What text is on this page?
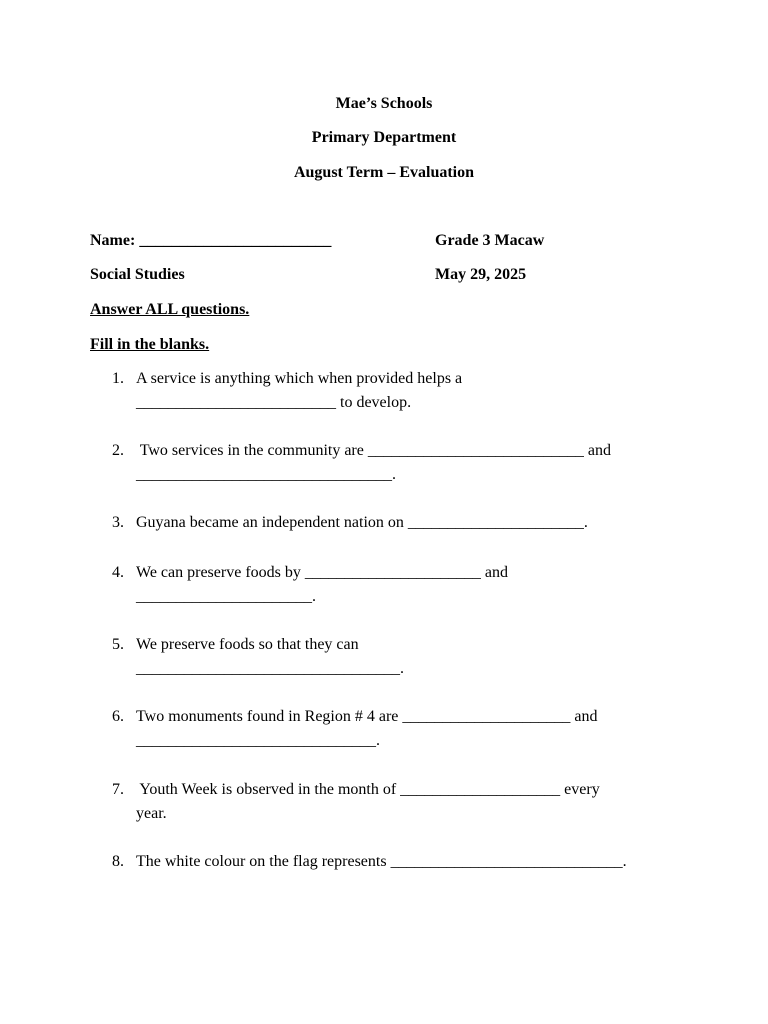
Mae’s Schools
Primary Department
August Term – Evaluation
Name: ________________________	Grade 3 Macaw
Social Studies	May 29, 2025
Answer ALL questions.
Fill in the blanks.
1. A service is anything which when provided helps a
_________________________ to develop.
2. Two services in the community are ___________________________ and
________________________________.
3. Guyana became an independent nation on ______________________.
4. We can preserve foods by ______________________ and
______________________.
5. We preserve foods so that they can
_________________________________.
6. Two monuments found in Region # 4 are _____________________ and
______________________________.
7. Youth Week is observed in the month of ____________________ every
year.
8. The white colour on the flag represents _____________________________.
